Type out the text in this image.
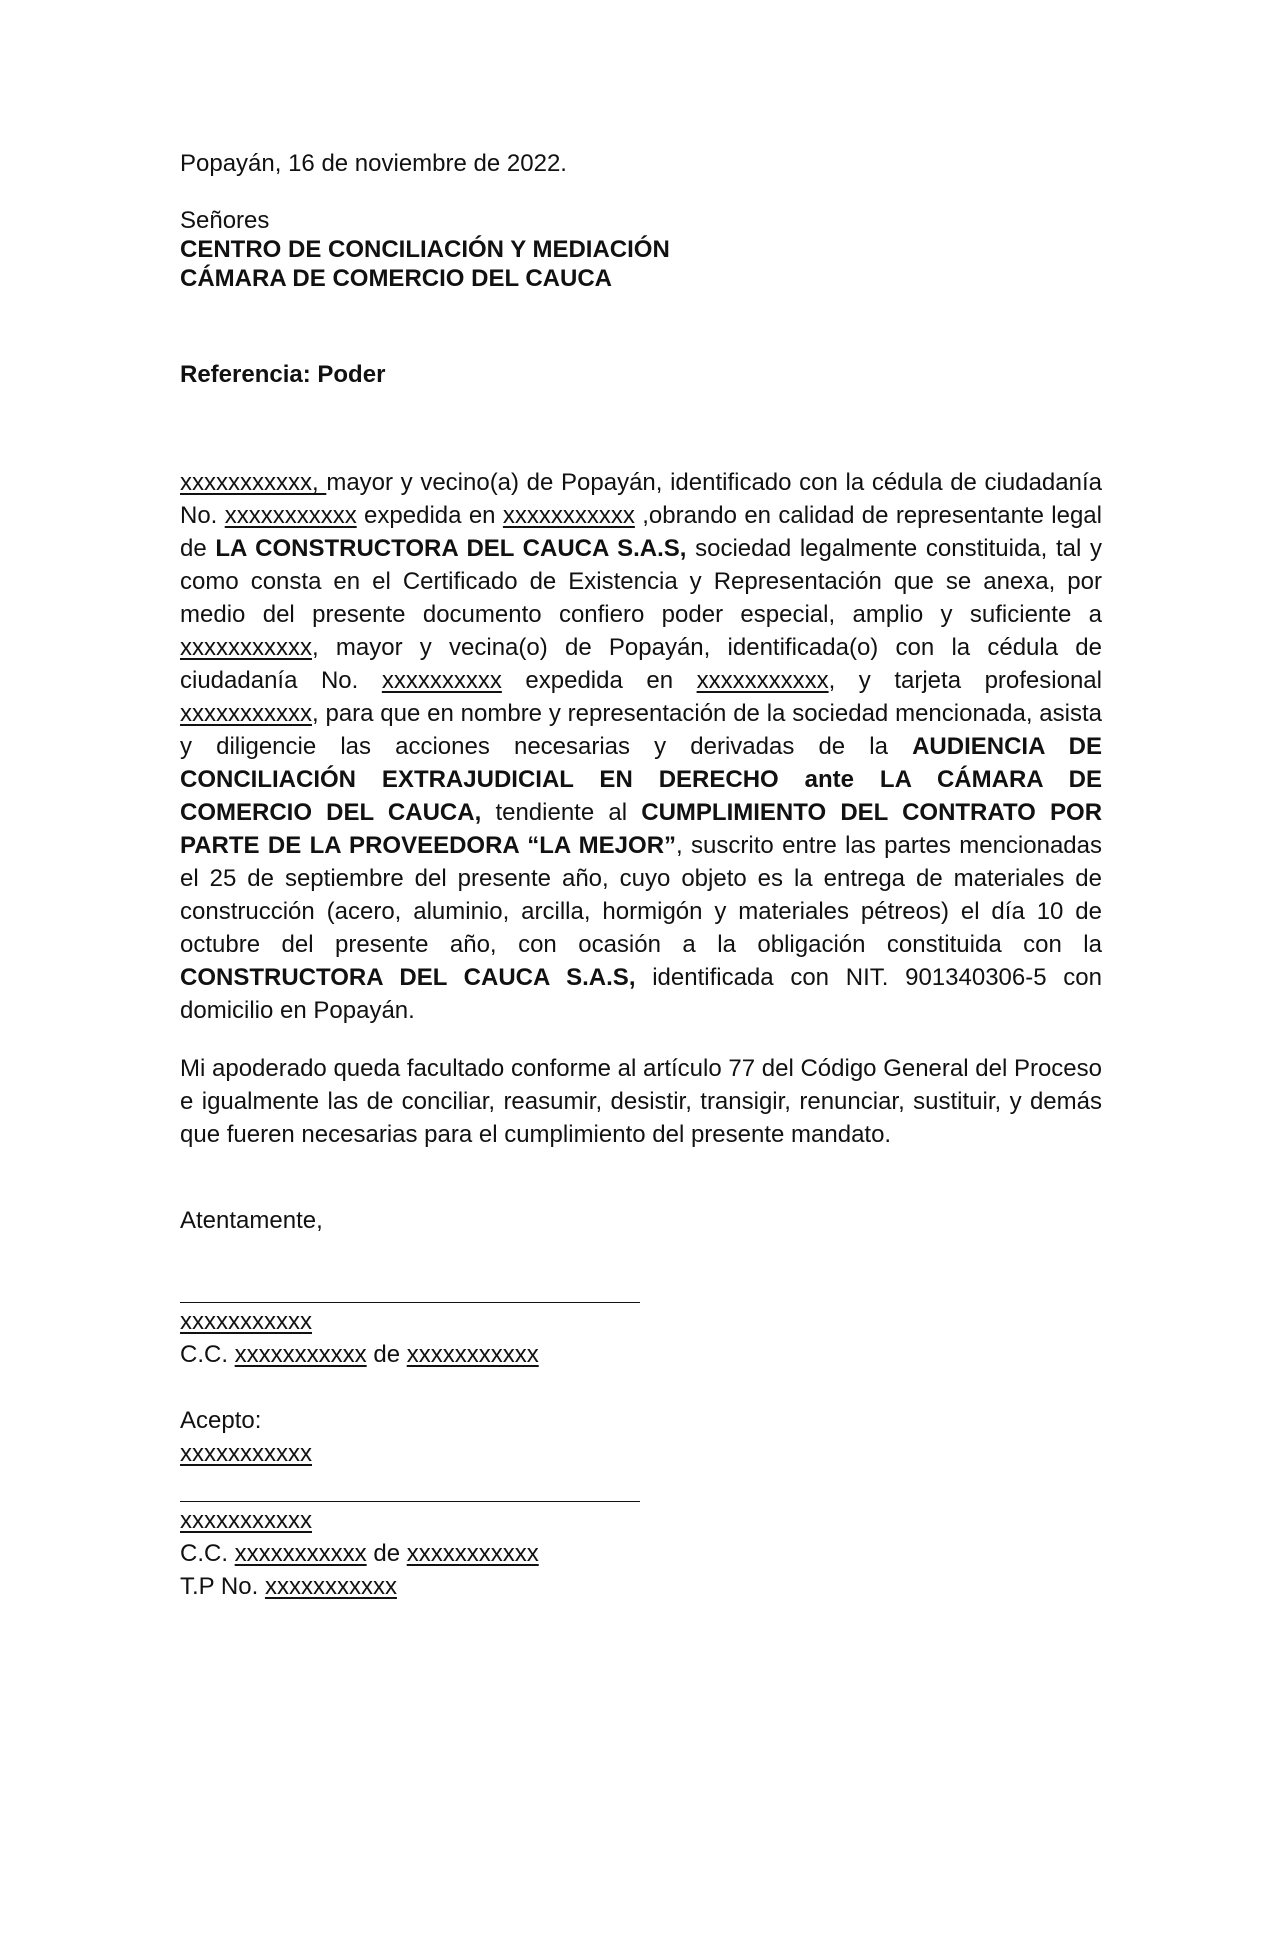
Popayán, 16 de noviembre de 2022.
Señores
CENTRO DE CONCILIACIÓN Y MEDIACIÓN
CÁMARA DE COMERCIO DEL CAUCA
Referencia: Poder
xxxxxxxxxxx, mayor y vecino(a) de Popayán, identificado con la cédula de ciudadanía No. xxxxxxxxxxx expedida en xxxxxxxxxxx ,obrando en calidad de representante legal de LA CONSTRUCTORA DEL CAUCA S.A.S, sociedad legalmente constituida, tal y como consta en el Certificado de Existencia y Representación que se anexa, por medio del presente documento confiero poder especial, amplio y suficiente a xxxxxxxxxxx, mayor y vecina(o) de Popayán, identificada(o) con la cédula de ciudadanía No. xxxxxxxxxx expedida en xxxxxxxxxxx, y tarjeta profesional xxxxxxxxxxx, para que en nombre y representación de la sociedad mencionada, asista y diligencie las acciones necesarias y derivadas de la AUDIENCIA DE CONCILIACIÓN EXTRAJUDICIAL EN DERECHO ante LA CÁMARA DE COMERCIO DEL CAUCA, tendiente al CUMPLIMIENTO DEL CONTRATO POR PARTE DE LA PROVEEDORA “LA MEJOR”, suscrito entre las partes mencionadas el 25 de septiembre del presente año, cuyo objeto es la entrega de materiales de construcción (acero, aluminio, arcilla, hormigón y materiales pétreos) el día 10 de octubre del presente año, con ocasión a la obligación constituida con la CONSTRUCTORA DEL CAUCA S.A.S, identificada con NIT. 901340306-5 con domicilio en Popayán.
Mi apoderado queda facultado conforme al artículo 77 del Código General del Proceso e igualmente las de conciliar, reasumir, desistir, transigir, renunciar, sustituir, y demás que fueren necesarias para el cumplimiento del presente mandato.
Atentamente,
xxxxxxxxxxx
C.C. xxxxxxxxxxx de xxxxxxxxxxx
Acepto:
xxxxxxxxxxx
xxxxxxxxxxx
C.C. xxxxxxxxxxx de xxxxxxxxxxx
T.P No. xxxxxxxxxxx
